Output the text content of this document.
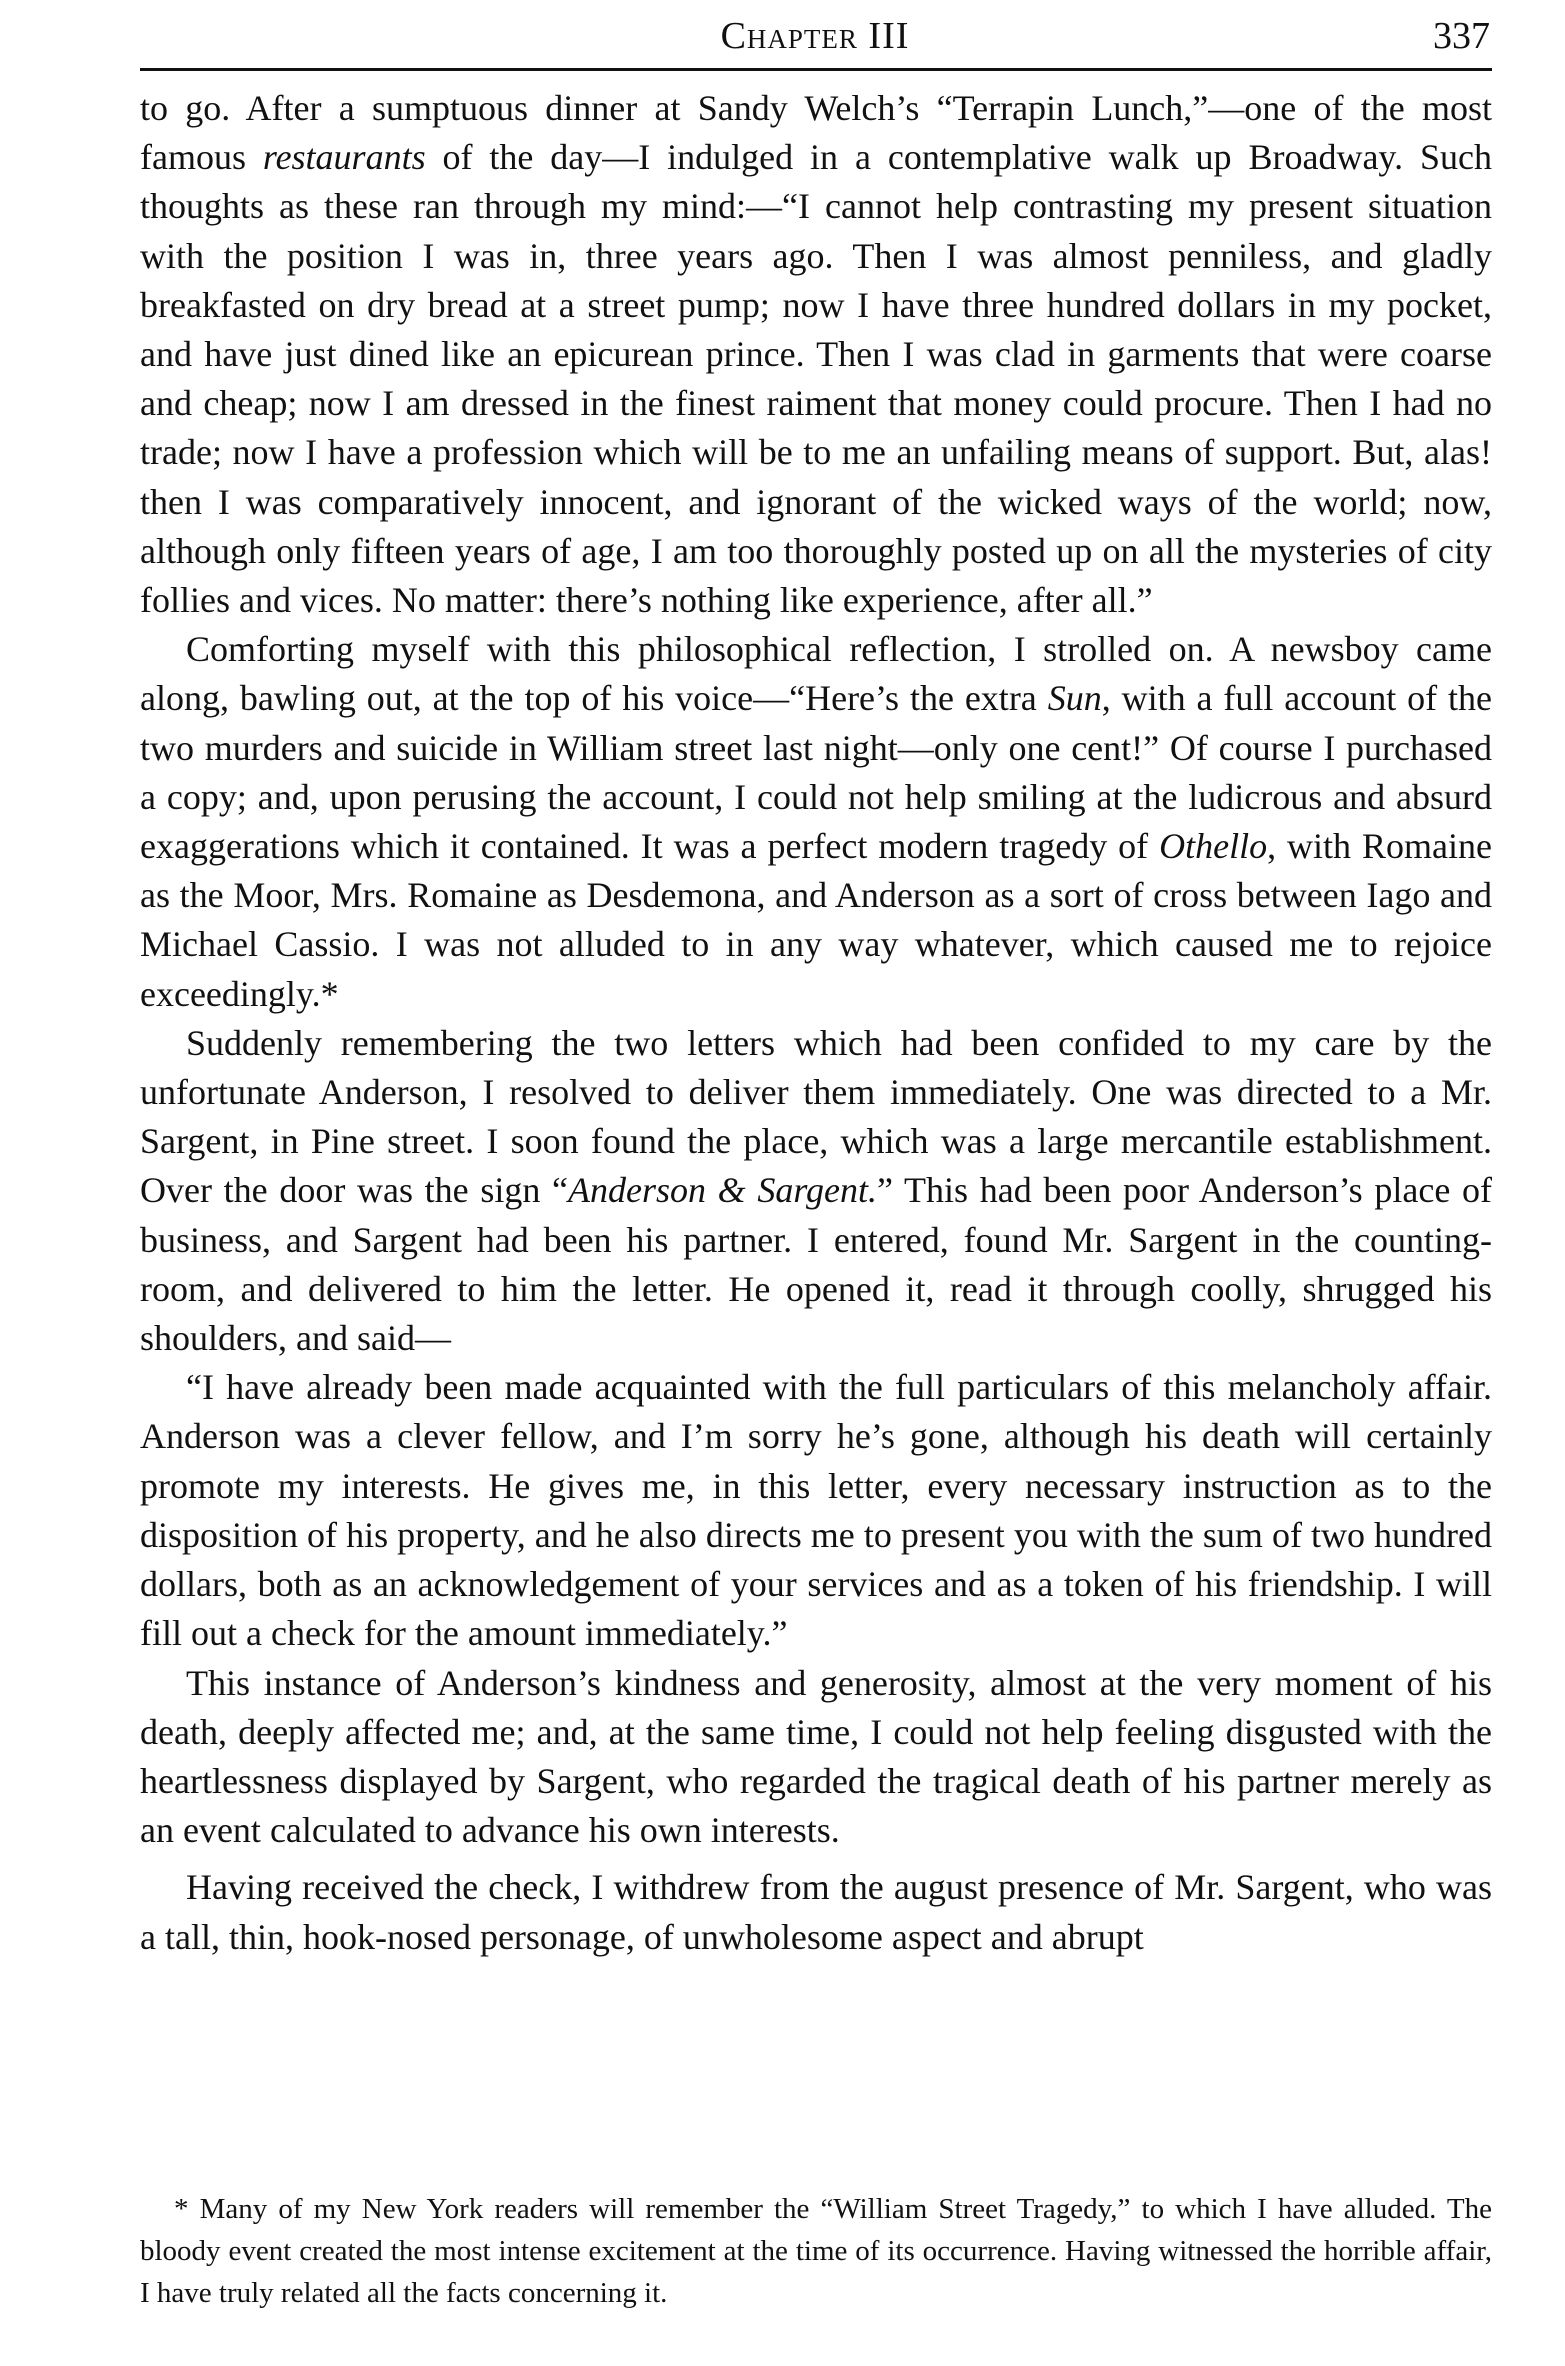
Chapter III	337

to go. After a sumptuous dinner at Sandy Welch’s “Terrapin Lunch,”—one of the most famous restaurants of the day—I indulged in a contemplative walk up Broadway. Such thoughts as these ran through my mind:—“I cannot help contrasting my present situation with the position I was in, three years ago. Then I was almost penniless, and gladly breakfasted on dry bread at a street pump; now I have three hundred dollars in my pocket, and have just dined like an epicurean prince. Then I was clad in garments that were coarse and cheap; now I am dressed in the finest raiment that money could procure. Then I had no trade; now I have a profession which will be to me an unfailing means of support. But, alas! then I was comparatively innocent, and ignorant of the wicked ways of the world; now, although only fifteen years of age, I am too thoroughly posted up on all the mysteries of city follies and vices. No matter: there’s nothing like experience, after all.”

Comforting myself with this philosophical reflection, I strolled on. A newsboy came along, bawling out, at the top of his voice—“Here’s the extra Sun, with a full account of the two murders and suicide in William street last night—only one cent!” Of course I purchased a copy; and, upon perusing the account, I could not help smiling at the ludicrous and absurd exaggerations which it contained. It was a perfect modern tragedy of Othello, with Romaine as the Moor, Mrs. Romaine as Desdemona, and Anderson as a sort of cross between Iago and Michael Cassio. I was not alluded to in any way whatever, which caused me to rejoice exceedingly.*

Suddenly remembering the two letters which had been confided to my care by the unfortunate Anderson, I resolved to deliver them immediately. One was directed to a Mr. Sargent, in Pine street. I soon found the place, which was a large mercantile establishment. Over the door was the sign “Anderson & Sargent.” This had been poor Anderson’s place of business, and Sargent had been his partner. I entered, found Mr. Sargent in the counting-room, and delivered to him the letter. He opened it, read it through coolly, shrugged his shoulders, and said—

“I have already been made acquainted with the full particulars of this melancholy affair. Anderson was a clever fellow, and I’m sorry he’s gone, although his death will certainly promote my interests. He gives me, in this letter, every necessary instruction as to the disposition of his property, and he also directs me to present you with the sum of two hundred dollars, both as an acknowledgement of your services and as a token of his friendship. I will fill out a check for the amount immediately.”

This instance of Anderson’s kindness and generosity, almost at the very moment of his death, deeply affected me; and, at the same time, I could not help feeling disgusted with the heartlessness displayed by Sargent, who regarded the tragical death of his partner merely as an event calculated to advance his own interests.

Having received the check, I withdrew from the august presence of Mr. Sargent, who was a tall, thin, hook-nosed personage, of unwholesome aspect and abrupt

* Many of my New York readers will remember the “William Street Tragedy,” to which I have alluded. The bloody event created the most intense excitement at the time of its occurrence. Having witnessed the horrible affair, I have truly related all the facts concerning it.
